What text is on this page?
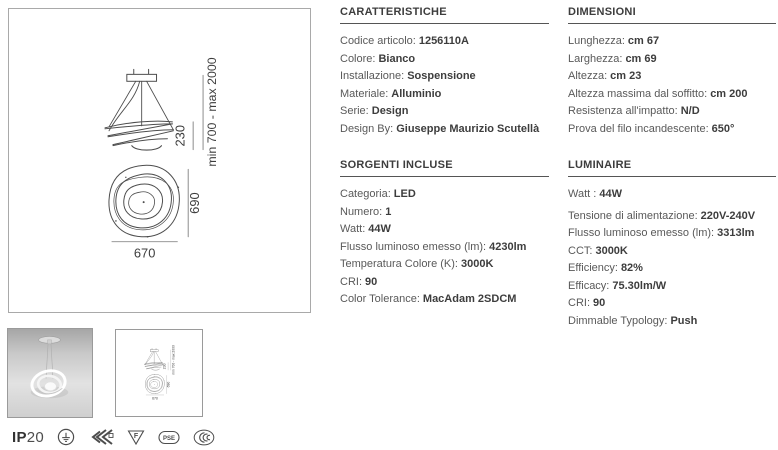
230 min 700 - max 2000
690
670
CARATTERISTICHE
Codice articolo: 1256110A
Colore: Bianco
Installazione: Sospensione
Materiale: Alluminio
Serie: Design
Design By: Giuseppe Maurizio Scutellà
SORGENTI INCLUSE
Categoria: LED
Numero: 1
Watt: 44W
Flusso luminoso emesso (lm): 4230lm
Temperatura Colore (K): 3000K
CRI: 90
Color Tolerance: MacAdam 2SDCM
DIMENSIONI
Lunghezza: cm 67
Larghezza: cm 69
Altezza: cm 23
Altezza massima dal soffitto: cm 200
Resistenza all'impatto: N/D
Prova del filo incandescente: 650°
LUMINAIRE
Watt : 44W
Tensione di alimentazione: 220V-240V
Flusso luminoso emesso (lm): 3313lm
CCT: 3000K
Efficiency: 82%
Efficacy: 75.30lm/W
CRI: 90
Dimmable Typology: Push
IP20	F	PSE
